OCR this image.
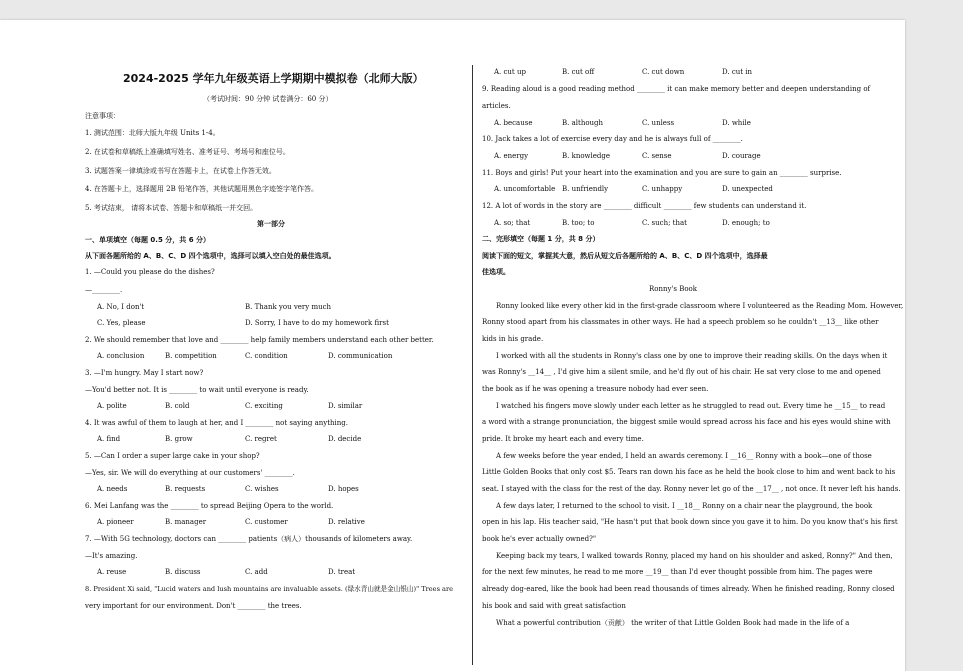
2024-2025 学年九年级英语上学期期中模拟卷（北师大版）
（考试时间：90 分钟 试卷满分：60 分）
注意事项：
1. 测试范围：北师大版九年级 Units 1-4。
2. 在试卷和草稿纸上准确填写姓名、准考证号、考场号和座位号。
3. 试题答案一律填涂或书写在答题卡上，在试卷上作答无效。
4. 在答题卡上，选择题用 2B 铅笔作答，其他试题用黑色字迹签字笔作答。
5. 考试结束， 请将本试卷、答题卡和草稿纸一并交回。
第一部分
一、单项填空（每题 0.5 分，共 6 分）
从下面各题所给的 A、B、C、D 四个选项中，选择可以填入空白处的最佳选项。
1. —Could you please do the dishes?
—________.
A. No, I don't	B. Thank you very much
C. Yes, please	D. Sorry, I have to do my homework first
2. We should remember that love and ________ help family members understand each other better.
A. conclusion	B. competition	C. condition	D. communication
3. —I'm hungry. May I start now?
—You'd better not. It is ________ to wait until everyone is ready.
A. polite	B. cold	C. exciting	D. similar
4. It was awful of them to laugh at her, and I ________ not saying anything.
A. find	B. grow	C. regret	D. decide
5. —Can I order a super large cake in your shop?
—Yes, sir. We will do everything at our customers' ________.
A. needs	B. requests	C. wishes	D. hopes
6. Mei Lanfang was the ________ to spread Beijing Opera to the world.
A. pioneer	B. manager	C. customer	D. relative
7. —With 5G technology, doctors can ________ patients（病人）thousands of kilometers away.
—It's amazing.
A. reuse	B. discuss	C. add	D. treat
8. President Xi said, "Lucid waters and lush mountains are invaluable assets. (绿水青山就是金山银山)" Trees are
very important for our environment. Don't ________ the trees.
A. cut up	B. cut off	C. cut down	D. cut in
9. Reading aloud is a good reading method ________ it can make memory better and deepen understanding of
articles.
A. because	B. although	C. unless	D. while
10. Jack takes a lot of exercise every day and he is always full of ________.
A. energy	B. knowledge	C. sense	D. courage
11. Boys and girls! Put your heart into the examination and you are sure to gain an ________ surprise.
A. uncomfortable B. unfriendly	C. unhappy	D. unexpected
12. A lot of words in the story are ________ difficult ________ few students can understand it.
A. so; that	B. too; to	C. such; that	D. enough; to
二、完形填空（每题 1 分，共 8 分）
阅读下面的短文，掌握其大意，然后从短文后各题所给的 A、B、C、D 四个选项中，选择最
佳选项。
Ronny's Book
Ronny looked like every other kid in the first-grade classroom where I volunteered as the Reading Mom. However,
Ronny stood apart from his classmates in other ways. He had a speech problem so he couldn't __13__ like other
kids in his grade.
I worked with all the students in Ronny's class one by one to improve their reading skills. On the days when it
was Ronny's __14__ , I'd give him a silent smile, and he'd fly out of his chair. He sat very close to me and opened
the book as if he was opening a treasure nobody had ever seen.
I watched his fingers move slowly under each letter as he struggled to read out. Every time he __15__ to read
a word with a strange pronunciation, the biggest smile would spread across his face and his eyes would shine with
pride. It broke my heart each and every time.
A few weeks before the year ended, I held an awards ceremony. I __16__ Ronny with a book—one of those
Little Golden Books that only cost $5. Tears ran down his face as he held the book close to him and went back to his
seat. I stayed with the class for the rest of the day. Ronny never let go of the __17__ , not once. It never left his hands.
A few days later, I returned to the school to visit. I __18__ Ronny on a chair near the playground, the book
open in his lap. His teacher said, "He hasn't put that book down since you gave it to him. Do you know that's his first
book he's ever actually owned?"
Keeping back my tears, I walked towards Ronny, placed my hand on his shoulder and asked, Ronny?" And then,
for the next few minutes, he read to me more __19__ than I'd ever thought possible from him. The pages were
already dog-eared, like the book had been read thousands of times already. When he finished reading, Ronny closed
his book and said with great satisfaction
What a powerful contribution（贡献） the writer of that Little Golden Book had made in the life of a
